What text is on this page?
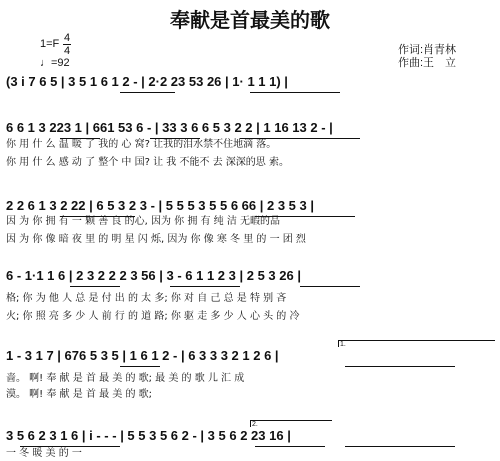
奉献是首最美的歌
1=F 4
4
♩=92
作词:肖青林
作曲:王　立
(3 i 7 6 5 | 3 5 1 6 1 2 - | 2·2 23 53 26 | 1· 1 1 1) |
6 6 1 3 223 1 | 661 53 6 - | 33 3 6 6 5 3 2 2 | 1 16 13 2 - |
你 用 什 么 温 暖 了 我的 心 窝? 让我的泪水禁不住地滴 落。
你 用 什 么 感 动 了 整个 中 国? 让 我 不能不 去 深深的思 索。
2 2 6 1 3 2 22 | 6 5 3 2 3 - | 5 5 5 3 5 5 6 66 | 2 3 5 3 |
因 为 你 拥 有 一 颗 善 良 的心, 因为 你 拥 有 纯 洁 无暇的品
因 为 你 像 暗 夜 里 的 明 星 闪 烁, 因为 你 像 寒 冬 里 的 一 团 烈
6 - 1·1 1 6 | 2 3 2 2 2 3 56 | 3 - 6 1 1 2 3 | 2 5 3 26 |
格; 你 为 他 人 总 是 付 出 的 太 多; 你 对 自 己 总 是 特 别 吝
火; 你 照 亮 多 少 人 前 行 的 道 路; 你 驱 走 多 少 人 心 头 的 冷
1.
1 - 3 1 7 | 676 5 3 5 | 1 6 1 2 - | 6 3 3 3 2 1 2 6 |
啬。 啊! 奉 献 是 首 最 美 的 歌; 最 美 的 歌 儿 汇 成
漠。 啊! 奉 献 是 首 最 美 的 歌;
2.
3 5 6 2 3 1 6 | i - - - | 5 5 3 5 6 2 - | 3 5 6 2 23 16 |
一 冬 暖 美 的 一
